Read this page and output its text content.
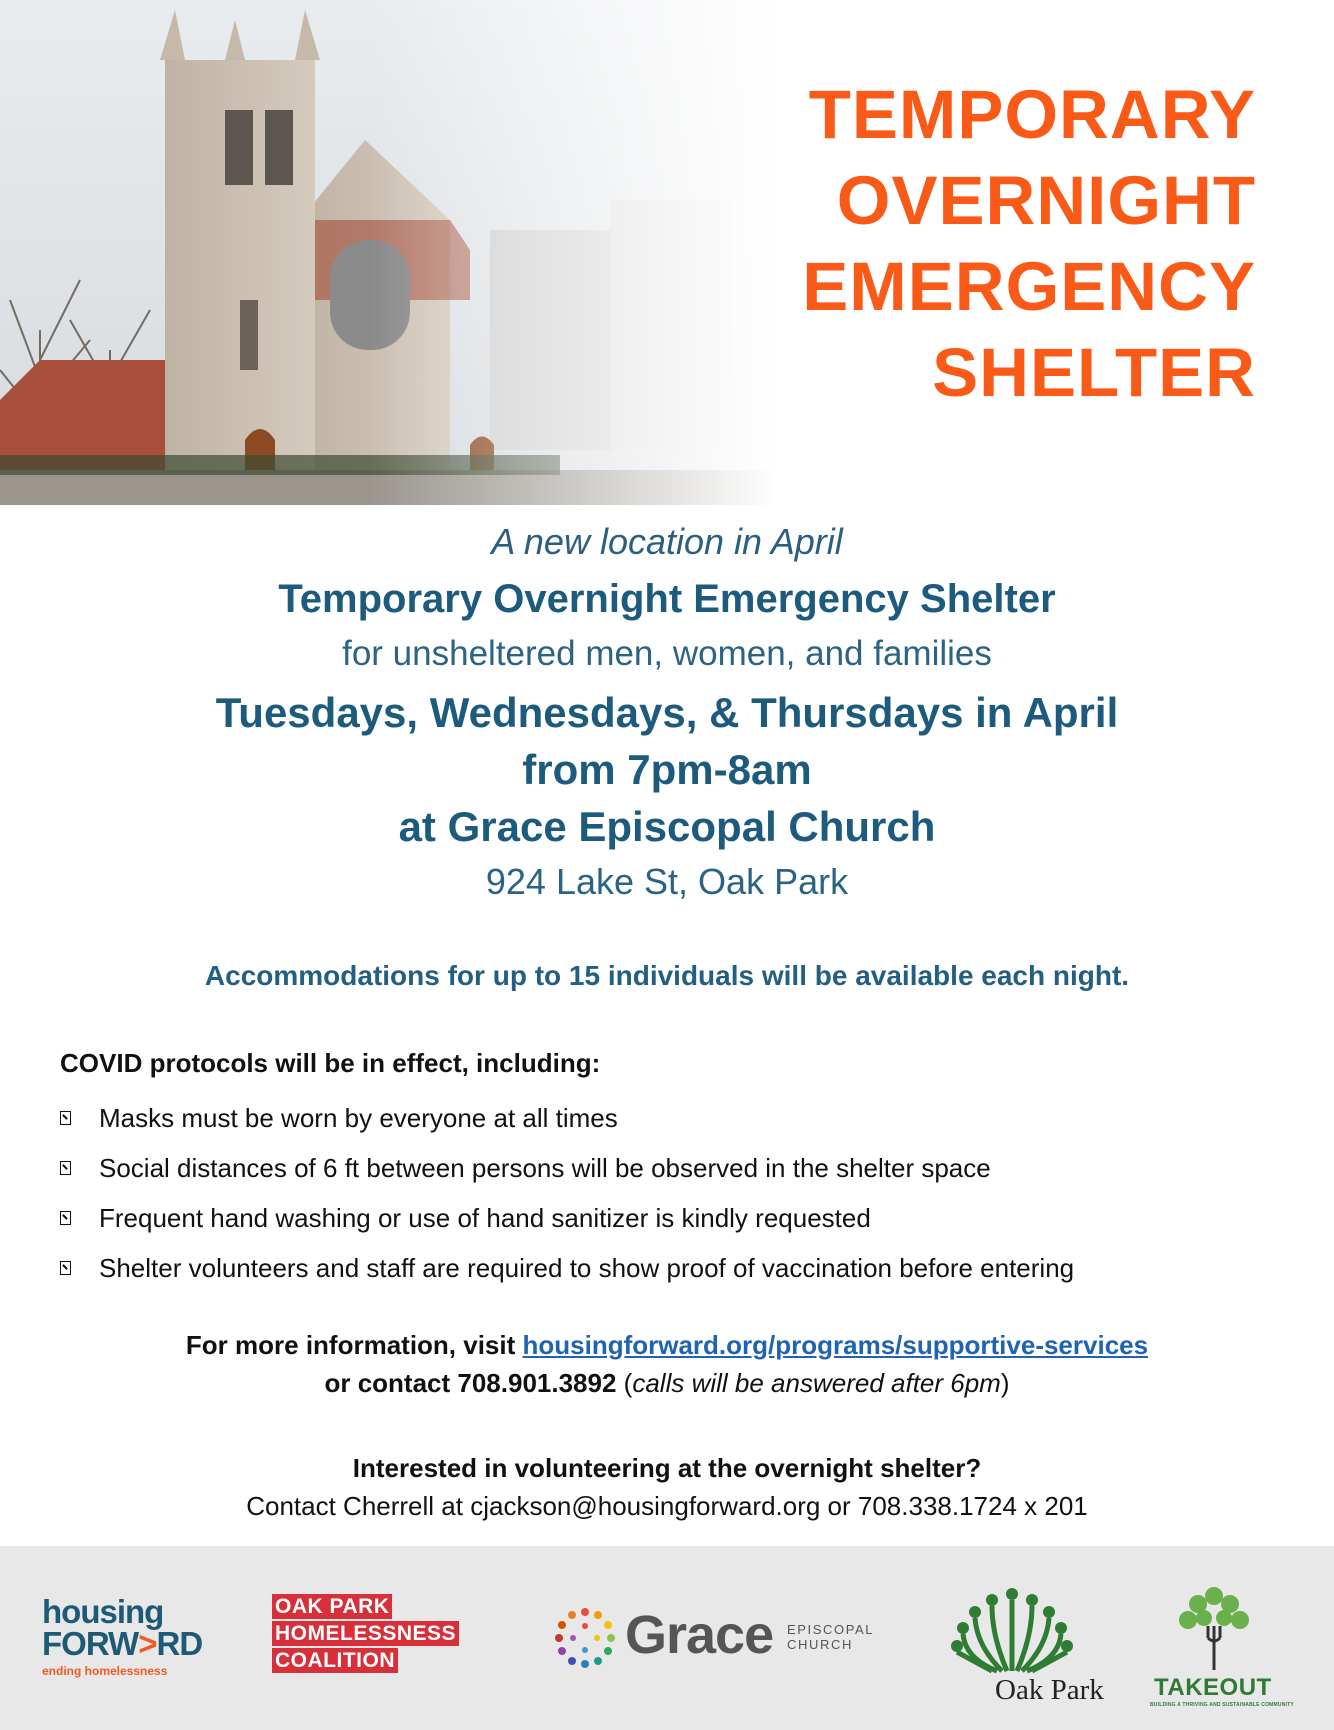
TEMPORARY
OVERNIGHT
EMERGENCY
SHELTER
A new location in April
Temporary Overnight Emergency Shelter
for unsheltered men, women, and families
Tuesdays, Wednesdays, & Thursdays in April
from 7pm-8am
at Grace Episcopal Church
924 Lake St, Oak Park
Accommodations for up to 15 individuals will be available each night.
COVID protocols will be in effect, including:
Masks must be worn by everyone at all times
Social distances of 6 ft between persons will be observed in the shelter space
Frequent hand washing or use of hand sanitizer is kindly requested
Shelter volunteers and staff are required to show proof of vaccination before entering
For more information, visit housingforward.org/programs/supportive-services
or contact 708.901.3892 (calls will be answered after 6pm)
Interested in volunteering at the overnight shelter?
Contact Cherrell at cjackson@housingforward.org or 708.338.1724 x 201
housing
FORW>RD
ending homelessness
OAK PARK
HOMELESSNESS
COALITION	Grace EPISCOPAL
CHURCH
Oak Park TAKEOUT
BUILDING A THRIVING AND SUSTAINABLE COMMUNITY
